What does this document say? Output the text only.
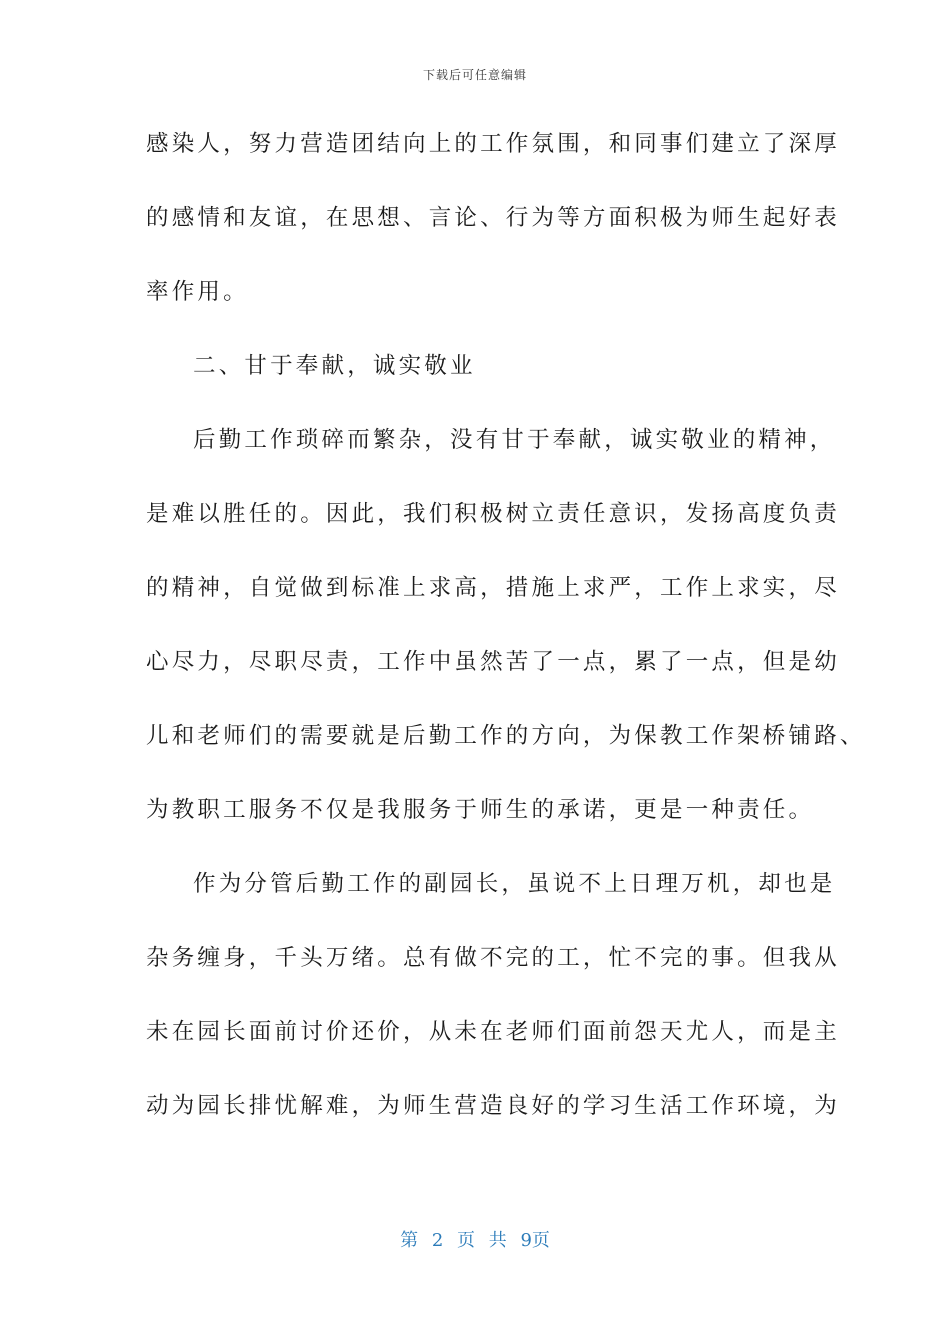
下载后可任意编辑
感染人，努力营造团结向上的工作氛围，和同事们建立了深厚
的感情和友谊，在思想、言论、行为等方面积极为师生起好表
率作用。
二、甘于奉献，诚实敬业
后勤工作琐碎而繁杂，没有甘于奉献，诚实敬业的精神，
是难以胜任的。因此，我们积极树立责任意识，发扬高度负责
的精神，自觉做到标准上求高，措施上求严，工作上求实，尽
心尽力，尽职尽责，工作中虽然苦了一点，累了一点，但是幼
儿和老师们的需要就是后勤工作的方向，为保教工作架桥铺路、
为教职工服务不仅是我服务于师生的承诺，更是一种责任。
作为分管后勤工作的副园长，虽说不上日理万机，却也是
杂务缠身，千头万绪。总有做不完的工，忙不完的事。但我从
未在园长面前讨价还价，从未在老师们面前怨天尤人，而是主
动为园长排忧解难，为师生营造良好的学习生活工作环境，为
第 2 页 共 9页
